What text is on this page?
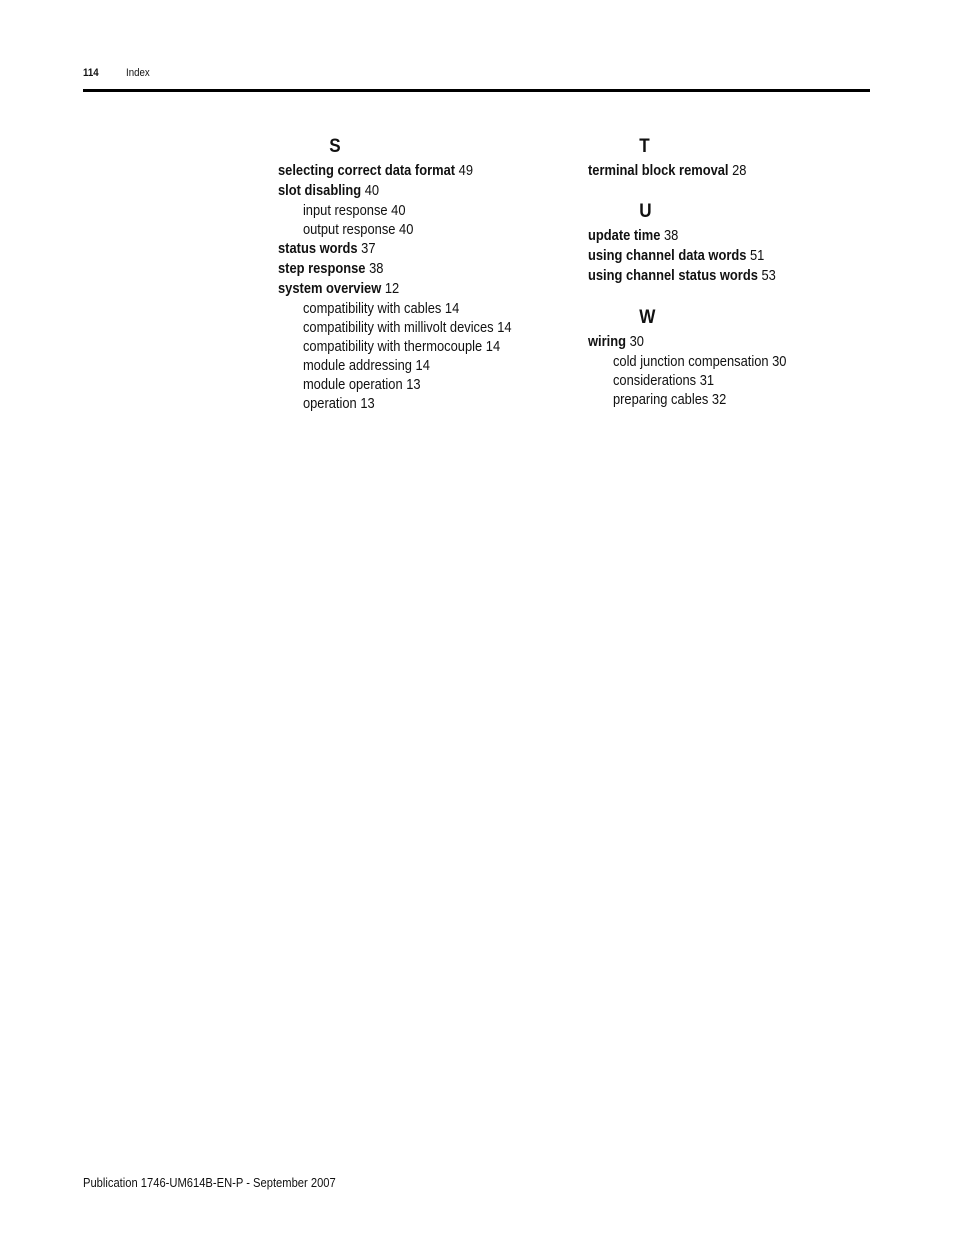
114 Index
S
selecting correct data format 49
slot disabling 40
input response 40
output response 40
status words 37
step response 38
system overview 12
compatibility with cables 14
compatibility with millivolt devices 14
compatibility with thermocouple 14
module addressing 14
module operation 13
operation 13
T
terminal block removal 28
U
update time 38
using channel data words 51
using channel status words 53
W
wiring 30
cold junction compensation 30
considerations 31
preparing cables 32
Publication 1746-UM614B-EN-P - September 2007
